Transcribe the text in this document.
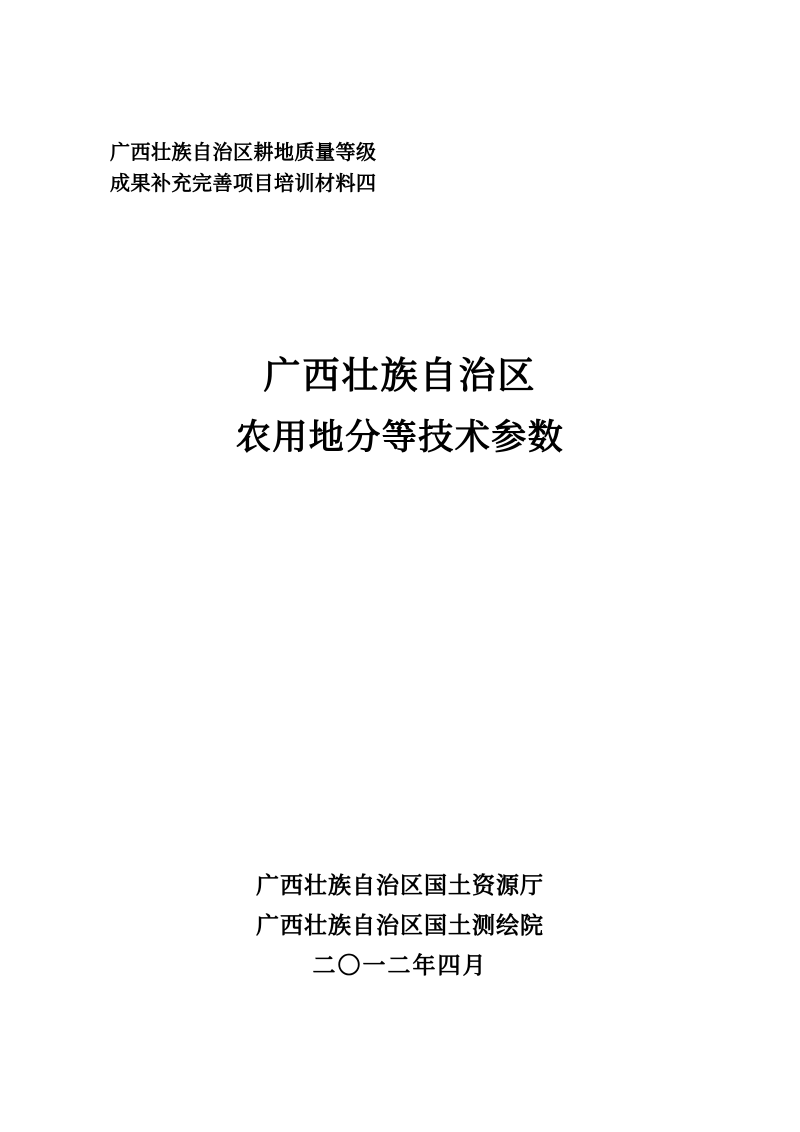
广西壮族自治区耕地质量等级
成果补充完善项目培训材料四
广西壮族自治区
农用地分等技术参数
广西壮族自治区国土资源厅
广西壮族自治区国土测绘院
二〇一二年四月
